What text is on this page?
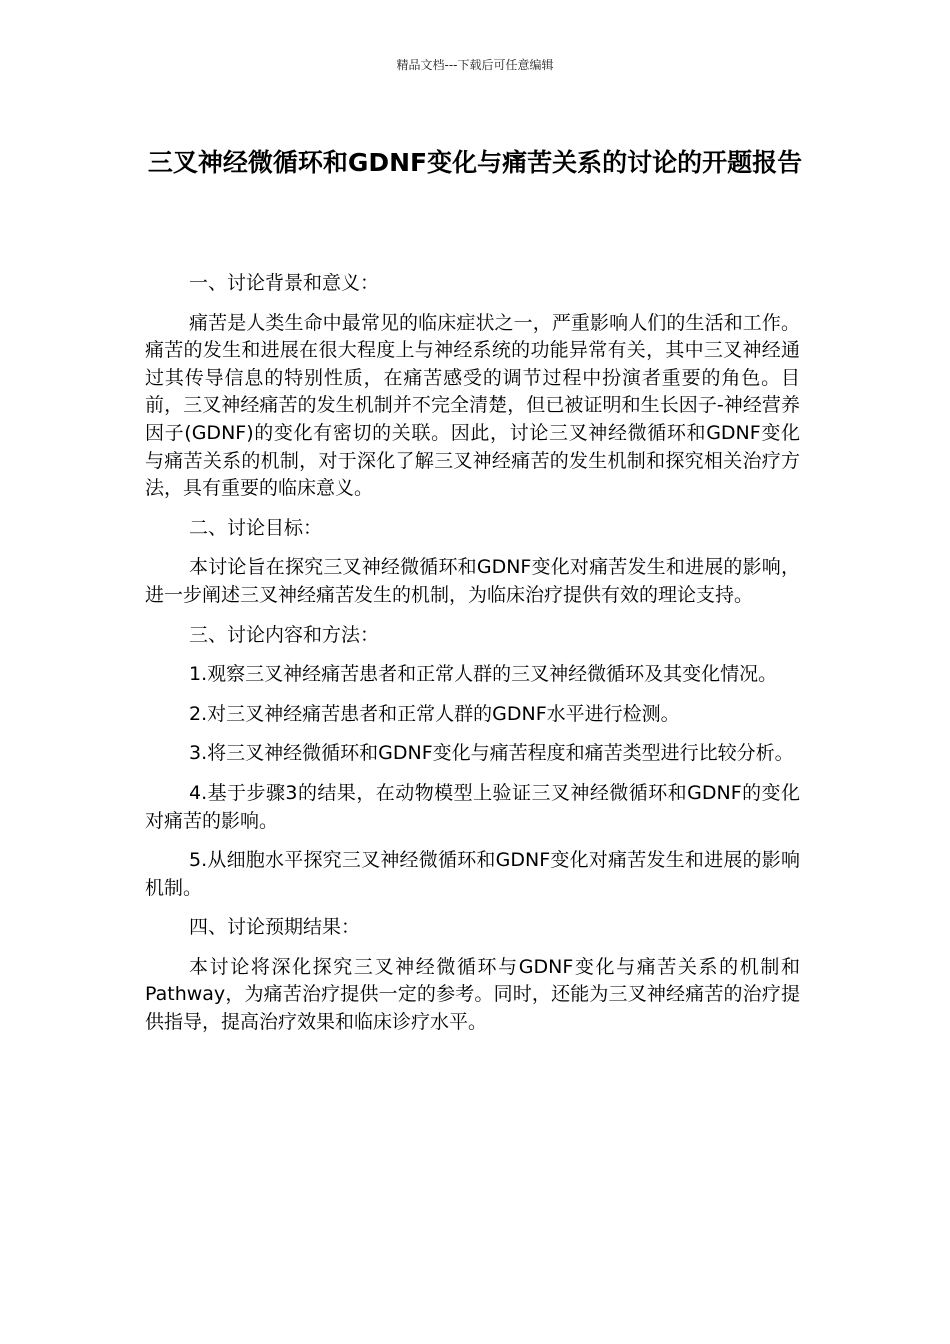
精品文档---下载后可任意编辑
三叉神经微循环和GDNF变化与痛苦关系的讨论的开题报告

一、讨论背景和意义：

痛苦是人类生命中最常见的临床症状之一，严重影响人们的生活和工作。痛苦的发生和进展在很大程度上与神经系统的功能异常有关，其中三叉神经通过其传导信息的特别性质，在痛苦感受的调节过程中扮演者重要的角色。目前，三叉神经痛苦的发生机制并不完全清楚，但已被证明和生长因子-神经营养因子(GDNF)的变化有密切的关联。因此，讨论三叉神经微循环和GDNF变化与痛苦关系的机制，对于深化了解三叉神经痛苦的发生机制和探究相关治疗方法，具有重要的临床意义。

二、讨论目标：

本讨论旨在探究三叉神经微循环和GDNF变化对痛苦发生和进展的影响，进一步阐述三叉神经痛苦发生的机制，为临床治疗提供有效的理论支持。

三、讨论内容和方法：

1.观察三叉神经痛苦患者和正常人群的三叉神经微循环及其变化情况。

2.对三叉神经痛苦患者和正常人群的GDNF水平进行检测。

3.将三叉神经微循环和GDNF变化与痛苦程度和痛苦类型进行比较分析。

4.基于步骤3的结果，在动物模型上验证三叉神经微循环和GDNF的变化对痛苦的影响。

5.从细胞水平探究三叉神经微循环和GDNF变化对痛苦发生和进展的影响机制。

四、讨论预期结果：

本讨论将深化探究三叉神经微循环与GDNF变化与痛苦关系的机制和Pathway，为痛苦治疗提供一定的参考。同时，还能为三叉神经痛苦的治疗提供指导，提高治疗效果和临床诊疗水平。
